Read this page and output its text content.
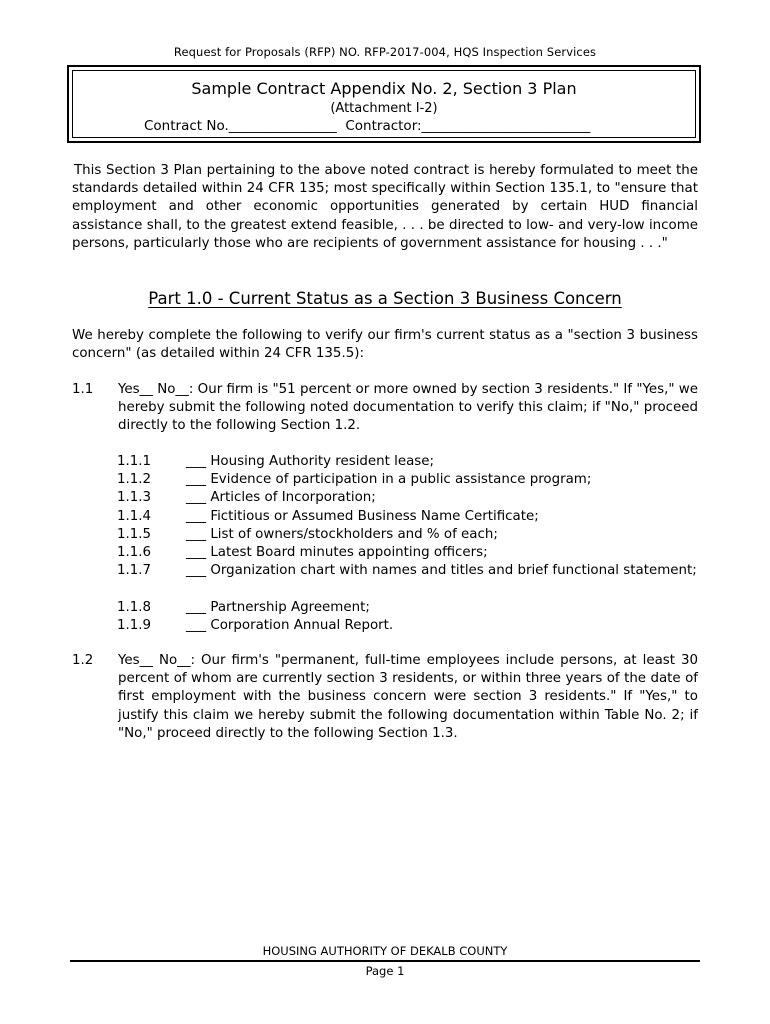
Request for Proposals (RFP) NO. RFP-2017-004, HQS Inspection Services
Sample Contract Appendix No. 2, Section 3 Plan
(Attachment I-2)
Contract No.________________  Contractor:_________________________
This Section 3 Plan pertaining to the above noted contract is hereby formulated to meet the standards detailed within 24 CFR 135; most specifically within Section 135.1, to "ensure that employment and other economic opportunities generated by certain HUD financial assistance shall, to the greatest extend feasible, . . . be directed to low- and very-low income persons, particularly those who are recipients of government assistance for housing . . ."
Part 1.0 - Current Status as a Section 3 Business Concern
We hereby complete the following to verify our firm's current status as a "section 3 business concern" (as detailed within 24 CFR 135.5):
1.1	Yes__ No__: Our firm is "51 percent or more owned by section 3 residents." If "Yes," we hereby submit the following noted documentation to verify this claim; if "No," proceed directly to the following Section 1.2.
1.1.1	___ Housing Authority resident lease;
1.1.2	___ Evidence of participation in a public assistance program;
1.1.3	___ Articles of Incorporation;
1.1.4	___ Fictitious or Assumed Business Name Certificate;
1.1.5	___ List of owners/stockholders and % of each;
1.1.6	___ Latest Board minutes appointing officers;
1.1.7	___ Organization chart with names and titles and brief functional statement;
1.1.8	___ Partnership Agreement;
1.1.9	___ Corporation Annual Report.
1.2	Yes__ No__: Our firm's "permanent, full-time employees include persons, at least 30 percent of whom are currently section 3 residents, or within three years of the date of first employment with the business concern were section 3 residents." If "Yes," to justify this claim we hereby submit the following documentation within Table No. 2; if "No," proceed directly to the following Section 1.3.
HOUSING AUTHORITY OF DEKALB COUNTY
Page 1
